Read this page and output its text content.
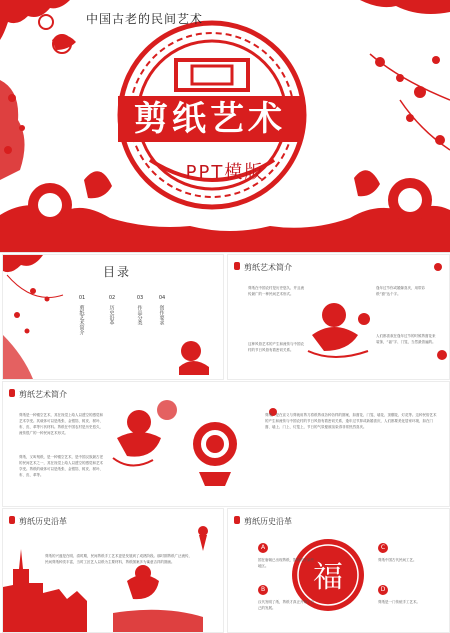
中国古老的民间艺术
剪纸艺术
PPT模版
目录
01
剪纸艺术简介
02
历史沿革
03
作品分类
04
创作要求
剪纸艺术简介
剪纸在中国农村是历史悠久、并且流传最广的一种民间艺术形式。
逢年过节你或婚嫁喜庆，用带彩纸“窗”达个字。
这种风俗艺术的产生和流传与中国农村的节日风俗有着密切关系。
人们都喜欢在逢年过节的时候剪窗花来装饰，“福”字、门笺，当然最普遍的。
剪纸艺术简介
剪纸是一种镂空艺术，其在视觉上给人以透空的感觉和艺术享受。其载体可以是纸张、金银箔、树皮、树叶、布、皮、革等片状材料。剪纸在中国农村是历史悠久，流传很广的一种民间艺术形式。
剪纸，又叫刻纸，是一种镂空艺术，是中国汉族最古老的民间艺术之一，其在视觉上给人以透空的感觉和艺术享受。剪纸的载体可以是纸张、金银箔、树皮、树叶、布、皮、革等。
剪纸，是在宣义与剪就用剪刀将纸剪成各种各样的图案，如窗花、门笺、墙花、顶棚花、灯花等。这种民俗艺术的产生和流传与中国农村的节日风俗有着密切关系，逢年过节抑或新婚喜庆，人们都要美化居家环境，如在门窗、墙上、门上、灯笼上，节日的气氛便被渲染得非常热烈喜庆。
剪纸历史沿革
剪纸的兴盛是在明、清时期，民间剪纸手工艺术更是发展到了成熟阶段。那时期剪纸广泛流传，民间剪纸种类丰富，当时工匠艺人以纸为主要材料，剪纸图案多为寓意吉祥的图画。
剪纸历史沿革
福
A
国在唐朝已出现剪纸，影响国外某些地区。
B
汉代发明了纸，剪纸才真正开始了自己的发展。
C
剪纸中国古代民间工艺。
D
剪纸是一门传统手工艺术。
